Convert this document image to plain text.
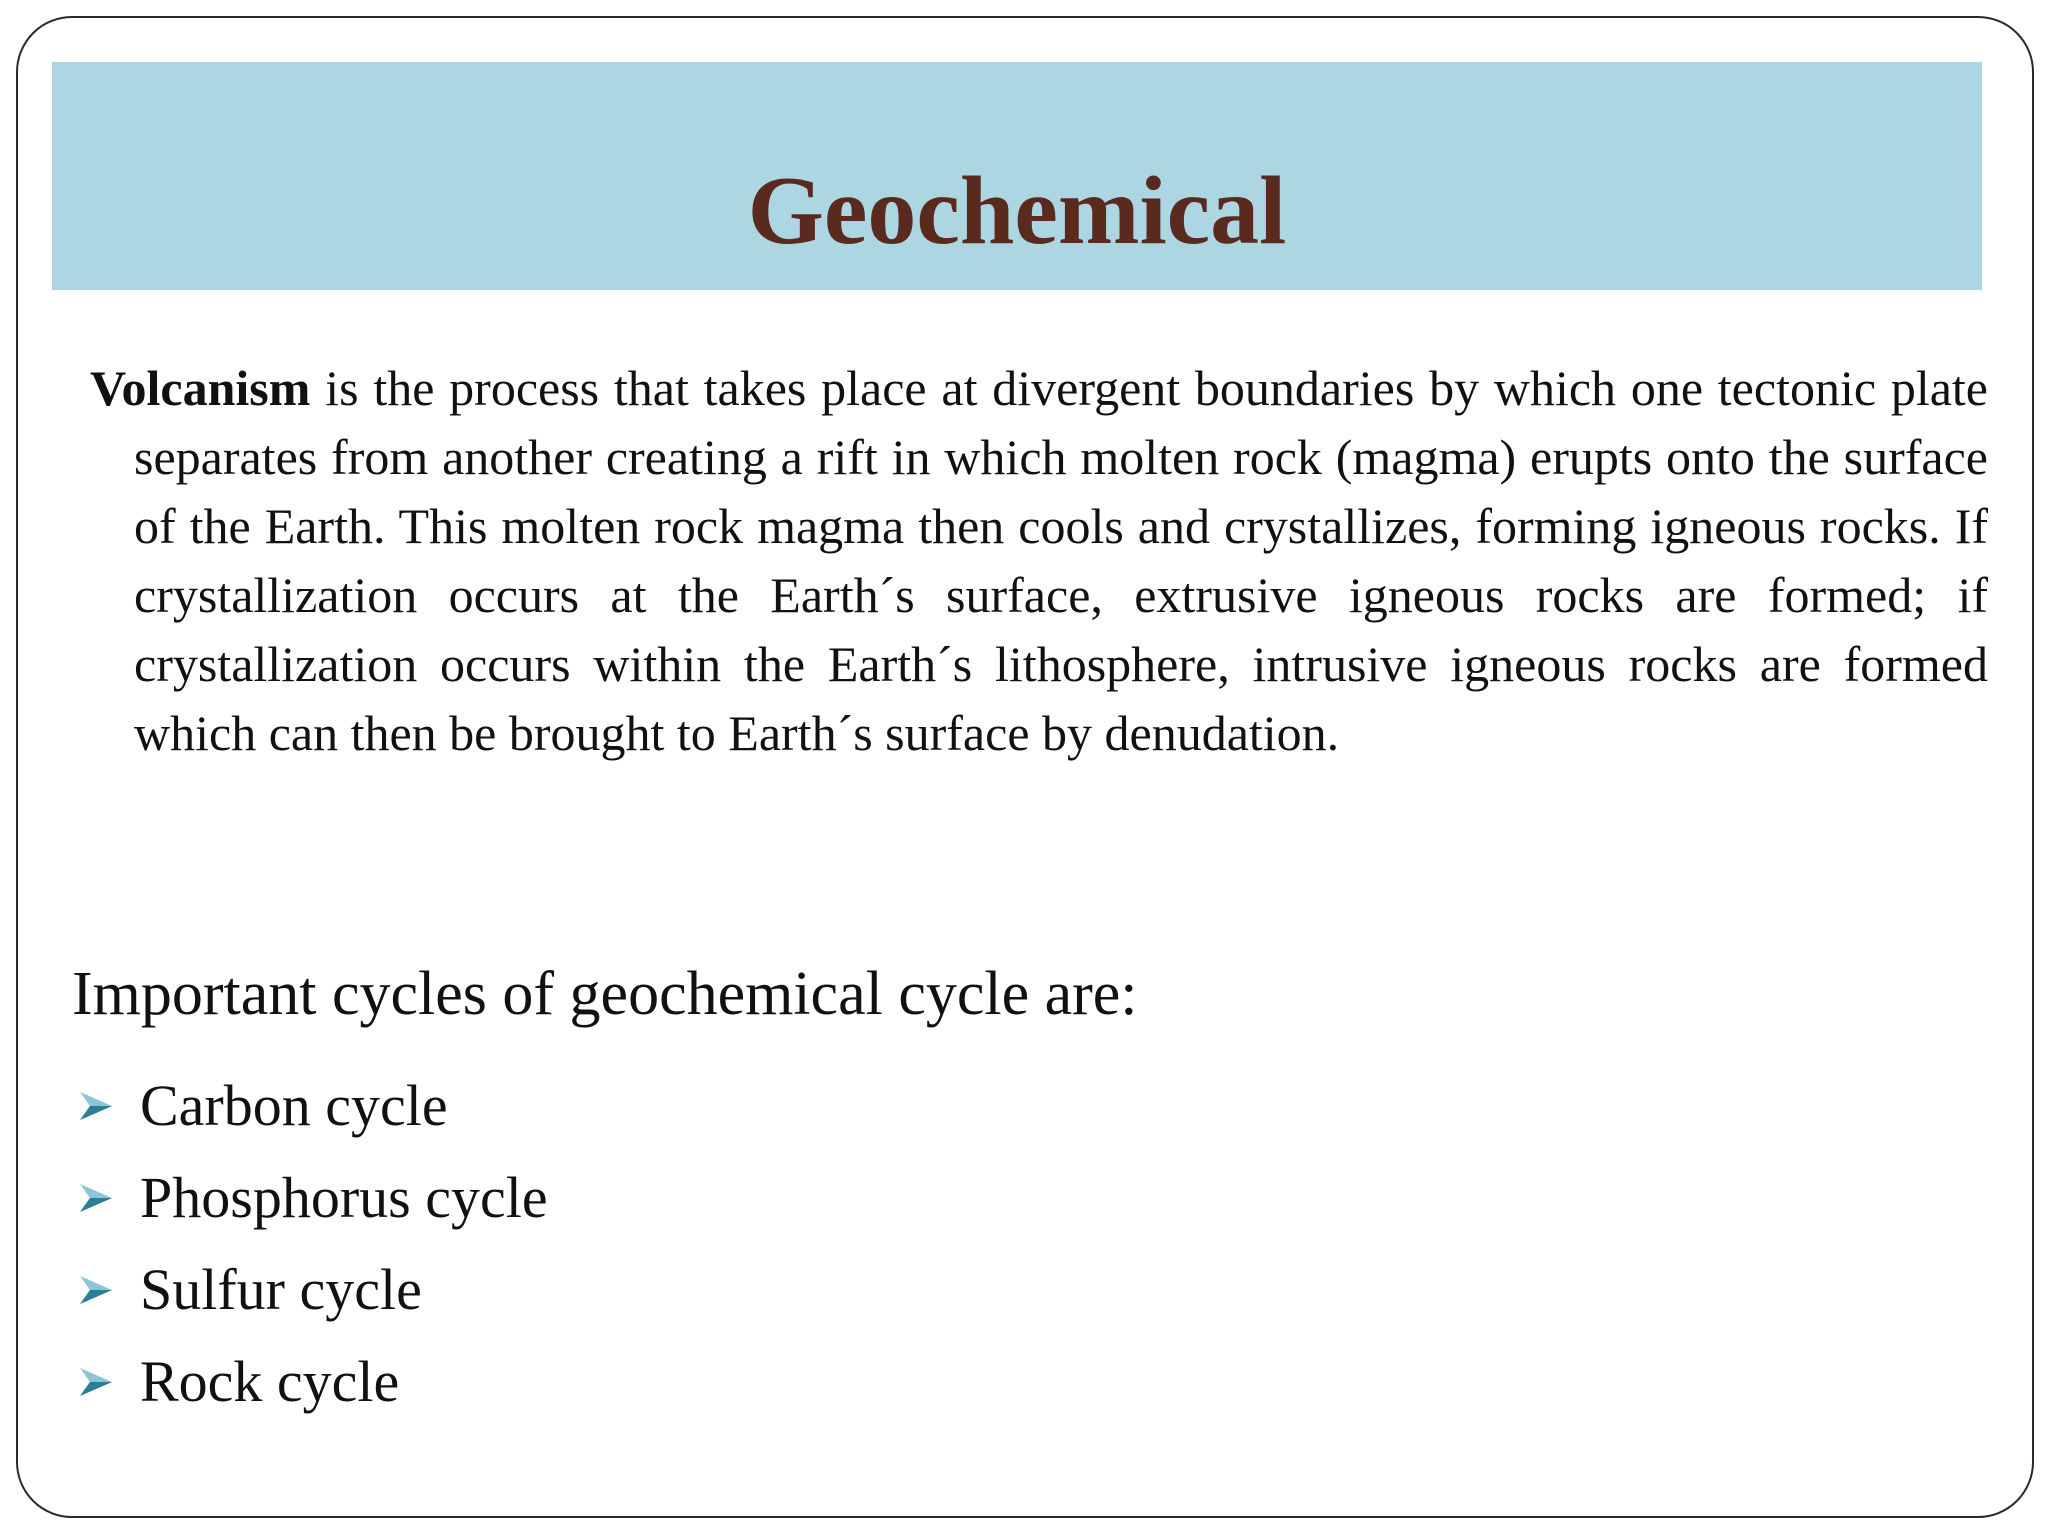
Geochemical

Volcanism is the process that takes place at divergent boundaries by which one tectonic plate separates from another creating a rift in which molten rock (magma) erupts onto the surface of the Earth. This molten rock magma then cools and crystallizes, forming igneous rocks. If crystallization occurs at the Earth´s surface, extrusive igneous rocks are formed; if crystallization occurs within the Earth´s lithosphere, intrusive igneous rocks are formed which can then be brought to Earth´s surface by denudation.

Important cycles of geochemical cycle are:

Carbon cycle
Phosphorus cycle
Sulfur cycle
Rock cycle
